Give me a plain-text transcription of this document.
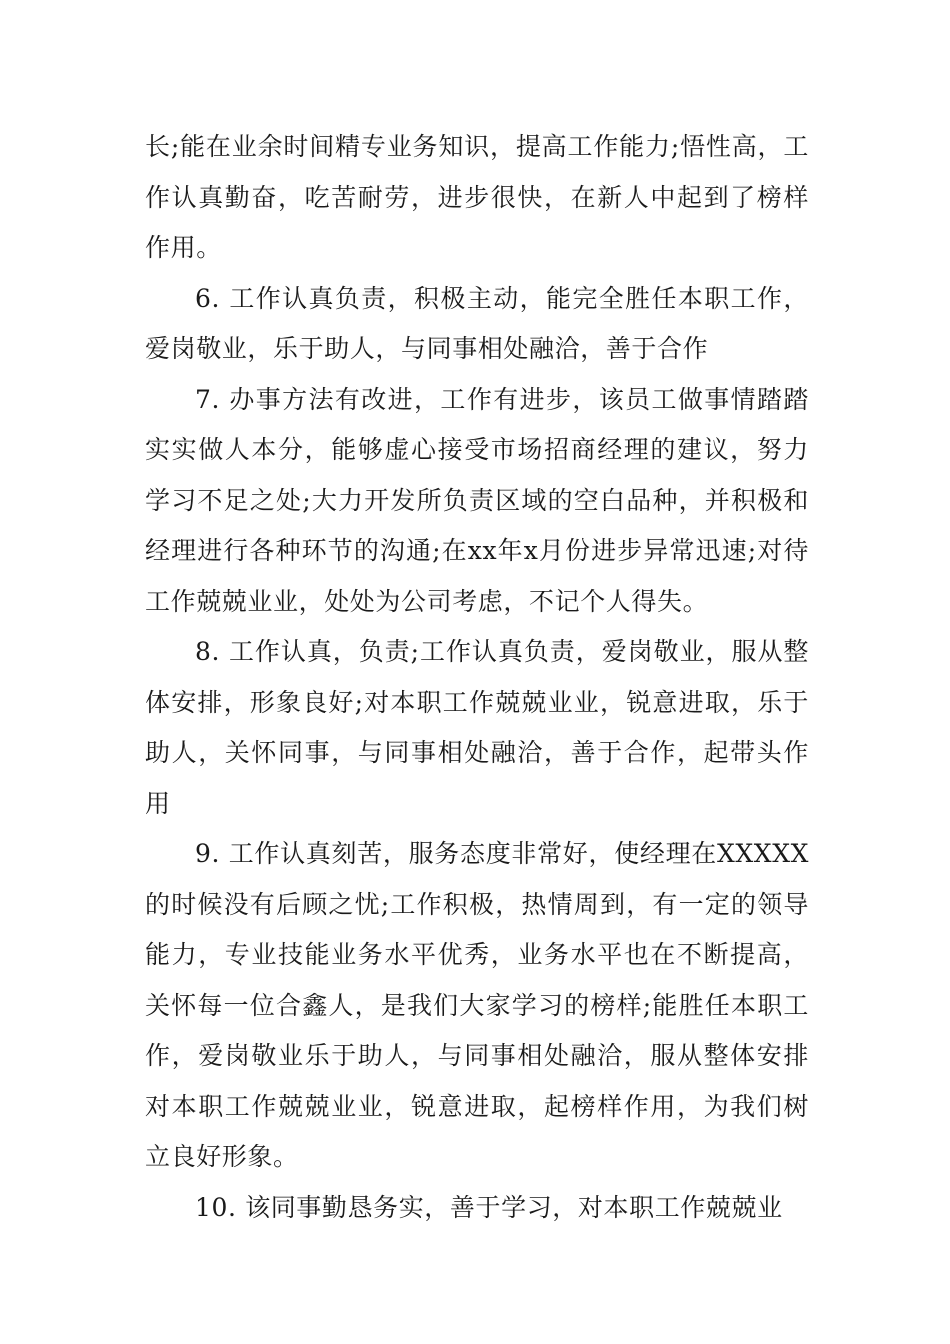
长;能在业余时间精专业务知识，提高工作能力;悟性高，工作认真勤奋，吃苦耐劳，进步很快，在新人中起到了榜样作用。

6. 工作认真负责，积极主动，能完全胜任本职工作，爱岗敬业，乐于助人，与同事相处融洽，善于合作

7. 办事方法有改进，工作有进步，该员工做事情踏踏实实做人本分，能够虚心接受市场招商经理的建议，努力学习不足之处;大力开发所负责区域的空白品种，并积极和经理进行各种环节的沟通;在xx年x月份进步异常迅速;对待工作兢兢业业，处处为公司考虑，不记个人得失。

8. 工作认真，负责;工作认真负责，爱岗敬业，服从整体安排，形象良好;对本职工作兢兢业业，锐意进取，乐于助人，关怀同事，与同事相处融洽，善于合作，起带头作用

9. 工作认真刻苦，服务态度非常好，使经理在XXXXX的时候没有后顾之忧;工作积极，热情周到，有一定的领导能力，专业技能业务水平优秀，业务水平也在不断提高，关怀每一位合鑫人，是我们大家学习的榜样;能胜任本职工作，爱岗敬业乐于助人，与同事相处融洽，服从整体安排对本职工作兢兢业业，锐意进取，起榜样作用，为我们树立良好形象。

10. 该同事勤恳务实，善于学习，对本职工作兢兢业
